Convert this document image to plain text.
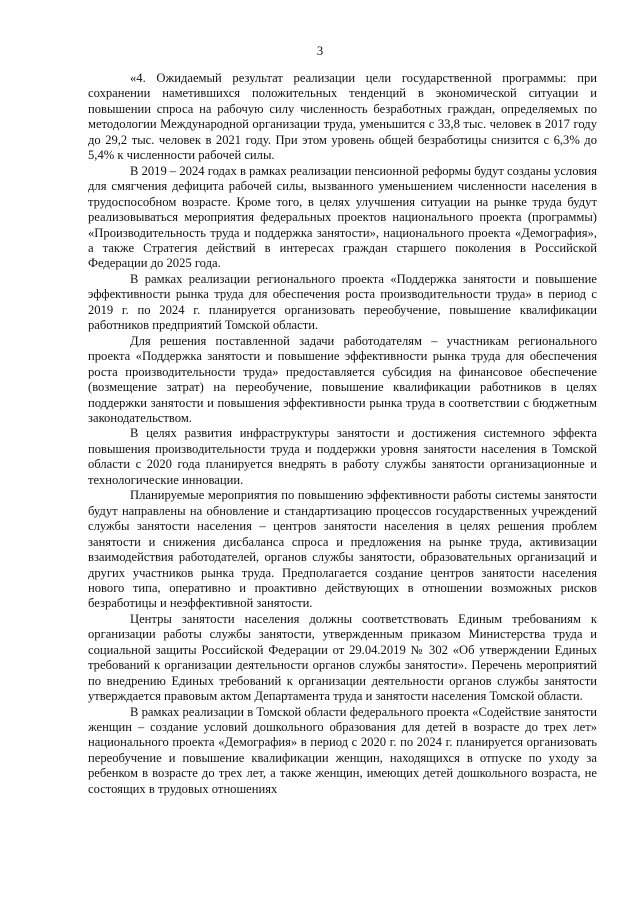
3

«4. Ожидаемый результат реализации цели государственной программы: при сохранении наметившихся положительных тенденций в экономической ситуации и повышении спроса на рабочую силу численность безработных граждан, определяемых по методологии Международной организации труда, уменьшится с 33,8 тыс. человек в 2017 году до 29,2 тыс. человек в 2021 году. При этом уровень общей безработицы снизится с 6,3% до 5,4% к численности рабочей силы.

В 2019 – 2024 годах в рамках реализации пенсионной реформы будут созданы условия для смягчения дефицита рабочей силы, вызванного уменьшением численности населения в трудоспособном возрасте. Кроме того, в целях улучшения ситуации на рынке труда будут реализовываться мероприятия федеральных проектов национального проекта (программы) «Производительность труда и поддержка занятости», национального проекта «Демография», а также Стратегия действий в интересах граждан старшего поколения в Российской Федерации до 2025 года.

В рамках реализации регионального проекта «Поддержка занятости и повышение эффективности рынка труда для обеспечения роста производительности труда» в период с 2019 г. по 2024 г. планируется организовать переобучение, повышение квалификации работников предприятий Томской области.

Для решения поставленной задачи работодателям – участникам регионального проекта «Поддержка занятости и повышение эффективности рынка труда для обеспечения роста производительности труда» предоставляется субсидия на финансовое обеспечение (возмещение затрат) на переобучение, повышение квалификации работников в целях поддержки занятости и повышения эффективности рынка труда в соответствии с бюджетным законодательством.

В целях развития инфраструктуры занятости и достижения системного эффекта повышения производительности труда и поддержки уровня занятости населения в Томской области с 2020 года планируется внедрять в работу службы занятости организационные и технологические инновации.

Планируемые мероприятия по повышению эффективности работы системы занятости будут направлены на обновление и стандартизацию процессов государственных учреждений службы занятости населения – центров занятости населения в целях решения проблем занятости и снижения дисбаланса спроса и предложения на рынке труда, активизации взаимодействия работодателей, органов службы занятости, образовательных организаций и других участников рынка труда. Предполагается создание центров занятости населения нового типа, оперативно и проактивно действующих в отношении возможных рисков безработицы и неэффективной занятости.

Центры занятости населения должны соответствовать Единым требованиям к организации работы службы занятости, утвержденным приказом Министерства труда и социальной защиты Российской Федерации от 29.04.2019 № 302 «Об утверждении Единых требований к организации деятельности органов службы занятости». Перечень мероприятий по внедрению Единых требований к организации деятельности органов службы занятости утверждается правовым актом Департамента труда и занятости населения Томской области.

В рамках реализации в Томской области федерального проекта «Содействие занятости женщин – создание условий дошкольного образования для детей в возрасте до трех лет» национального проекта «Демография» в период с 2020 г. по 2024 г. планируется организовать переобучение и повышение квалификации женщин, находящихся в отпуске по уходу за ребенком в возрасте до трех лет, а также женщин, имеющих детей дошкольного возраста, не состоящих в трудовых отношениях
